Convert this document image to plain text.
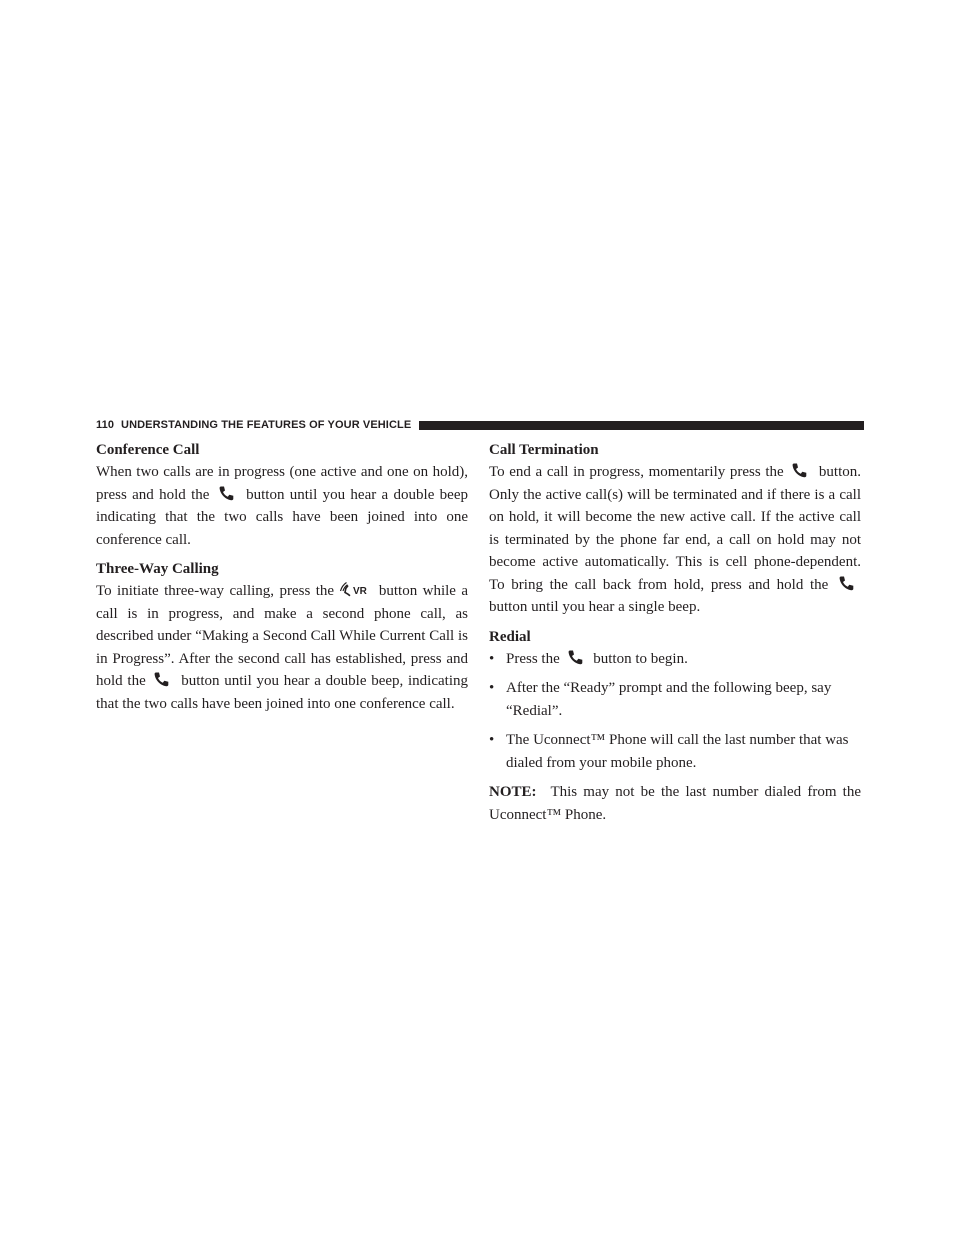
110 UNDERSTANDING THE FEATURES OF YOUR VEHICLE
Conference Call

When two calls are in progress (one active and one on hold), press and hold the  button until you hear a double beep indicating that the two calls have been joined into one conference call.

Three-Way Calling

To initiate three-way calling, press the VR button while a call is in progress, and make a second phone call, as described under “Making a Second Call While Current Call is in Progress”. After the second call has established, press and hold the  button until you hear a double beep, indicating that the two calls have been joined into one conference call.

Call Termination

To end a call in progress, momentarily press the  button. Only the active call(s) will be terminated and if there is a call on hold, it will become the new active call. If the active call is terminated by the phone far end, a call on hold may not become active automatically. This is cell phone-dependent. To bring the call back from hold, press and hold the  button until you hear a single beep.

Redial
• Press the  button to begin.
• After the “Ready” prompt and the following beep, say “Redial”.
• The Uconnect™ Phone will call the last number that was dialed from your mobile phone.

NOTE: This may not be the last number dialed from the Uconnect™ Phone.
